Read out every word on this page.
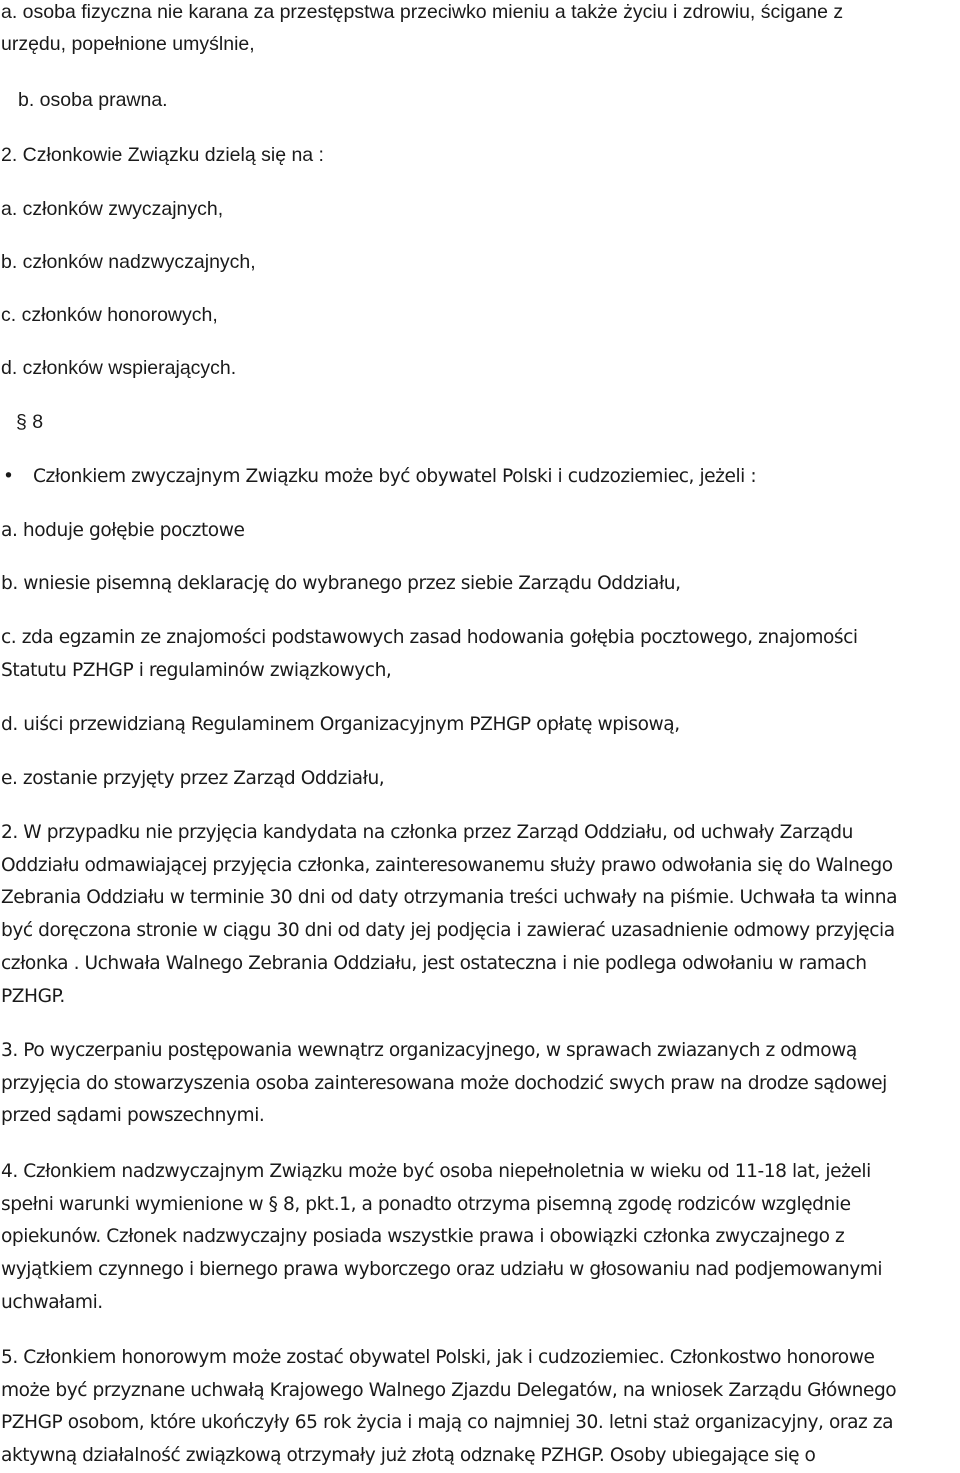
a. osoba fizyczna nie karana za przestępstwa przeciwko mieniu a także życiu i zdrowiu, ścigane z

urzędu, popełnione umyślnie,

b. osoba prawna.

2. Członkowie Związku dzielą się na :

a. członków zwyczajnych,

b. członków nadzwyczajnych,

c. członków honorowych,

d. członków wspierających.

§ 8

• Członkiem zwyczajnym Związku może być obywatel Polski i cudzoziemiec, jeżeli :

a. hoduje gołębie pocztowe

b. wniesie pisemną deklarację do wybranego przez siebie Zarządu Oddziału,

c. zda egzamin ze znajomości podstawowych zasad hodowania gołębia pocztowego, znajomości

Statutu PZHGP i regulaminów związkowych,

d. uiści przewidzianą Regulaminem Organizacyjnym PZHGP opłatę wpisową,

e. zostanie przyjęty przez Zarząd Oddziału,

2. W przypadku nie przyjęcia kandydata na członka przez Zarząd Oddziału, od uchwały Zarządu

Oddziału odmawiającej przyjęcia członka, zainteresowanemu służy prawo odwołania się do Walnego

Zebrania Oddziału w terminie 30 dni od daty otrzymania treści uchwały na piśmie. Uchwała ta winna

być doręczona stronie w ciągu 30 dni od daty jej podjęcia i zawierać uzasadnienie odmowy przyjęcia

członka . Uchwała Walnego Zebrania Oddziału, jest ostateczna i nie podlega odwołaniu w ramach

PZHGP.

3. Po wyczerpaniu postępowania wewnątrz organizacyjnego, w sprawach zwiazanych z odmową

przyjęcia do stowarzyszenia osoba zainteresowana może dochodzić swych praw na drodze sądowej

przed sądami powszechnymi.

4. Członkiem nadzwyczajnym Związku może być osoba niepełnoletnia w wieku od 11-18 lat, jeżeli

spełni warunki wymienione w § 8, pkt.1, a ponadto otrzyma pisemną zgodę rodziców względnie

opiekunów. Członek nadzwyczajny posiada wszystkie prawa i obowiązki członka zwyczajnego z

wyjątkiem czynnego i biernego prawa wyborczego oraz udziału w głosowaniu nad podjemowanymi

uchwałami.

5. Członkiem honorowym może zostać obywatel Polski, jak i cudzoziemiec. Członkostwo honorowe

może być przyznane uchwałą Krajowego Walnego Zjazdu Delegatów, na wniosek Zarządu Głównego

PZHGP osobom, które ukończyły 65 rok życia i mają co najmniej 30. letni staż organizacyjny, oraz za

aktywną działalność związkową otrzymały już złotą odznakę PZHGP. Osoby ubiegające się o
